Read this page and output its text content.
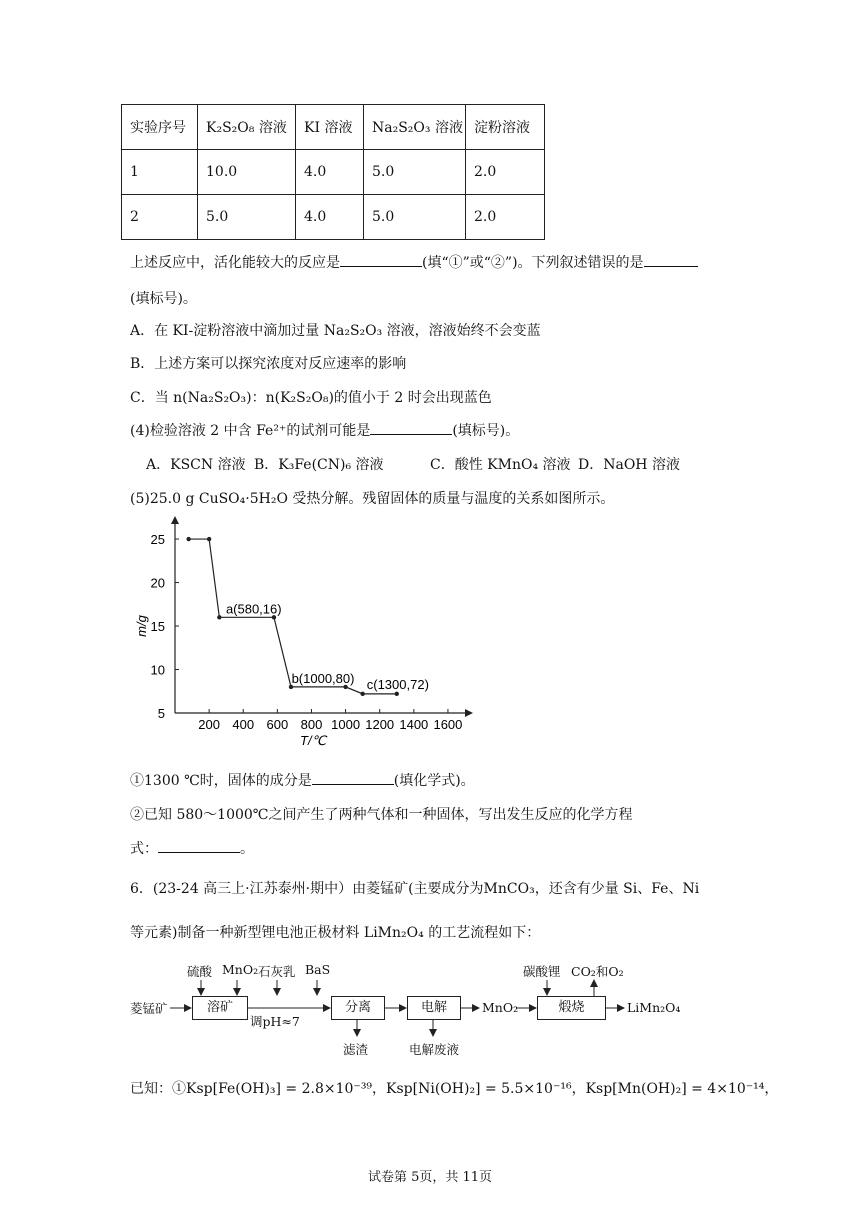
实验序号	K₂S₂O₈ 溶液	KI 溶液	Na₂S₂O₃ 溶液	淀粉溶液
1	10.0	4.0	5.0	2.0
2	5.0	4.0	5.0	2.0
上述反应中，活化能较大的反应是	(填“①”或“②”)。下列叙述错误的是
(填标号)。
A．在 KI-淀粉溶液中滴加过量 Na₂S₂O₃ 溶液，溶液始终不会变蓝
B．上述方案可以探究浓度对反应速率的影响
C．当 n(Na₂S₂O₃)：n(K₂S₂O₈)的值小于 2 时会出现蓝色
(4)检验溶液 2 中含 Fe²⁺的试剂可能是	(填标号)。
A．KSCN 溶液 B．K₃Fe(CN)₆ 溶液	C．酸性 KMnO₄ 溶液 D．NaOH 溶液
(5)25.0 g CuSO₄·5H₂O 受热分解。残留固体的质量与温度的关系如图所示。
200 400 600 800 1000 1200 1400 1600
5
10
15
20
25
T/℃
m/g
a(580,16)
b(1000,80) c(1300,72)
①1300 ℃时，固体的成分是	(填化学式)。
②已知 580～1000℃之间产生了两种气体和一种固体，写出发生反应的化学方程
式：	。
6．(23-24 高三上·江苏泰州·期中）由菱锰矿(主要成分为MnCO₃，还含有少量 Si、Fe、Ni
等元素)制备一种新型锂电池正极材料 LiMn₂O₄ 的工艺流程如下：
菱锰矿	溶矿	分离	电解	煅烧
硫酸 MnO₂ 石灰乳 BaS	碳酸锂 CO₂和O₂
调pH≈7
滤渣	电解废液
MnO₂	LiMn₂O₄
已知：①Ksp[Fe(OH)₃] = 2.8×10⁻³⁹，Ksp[Ni(OH)₂] = 5.5×10⁻¹⁶，Ksp[Mn(OH)₂] = 4×10⁻¹⁴，
试卷第 5页，共 11页
